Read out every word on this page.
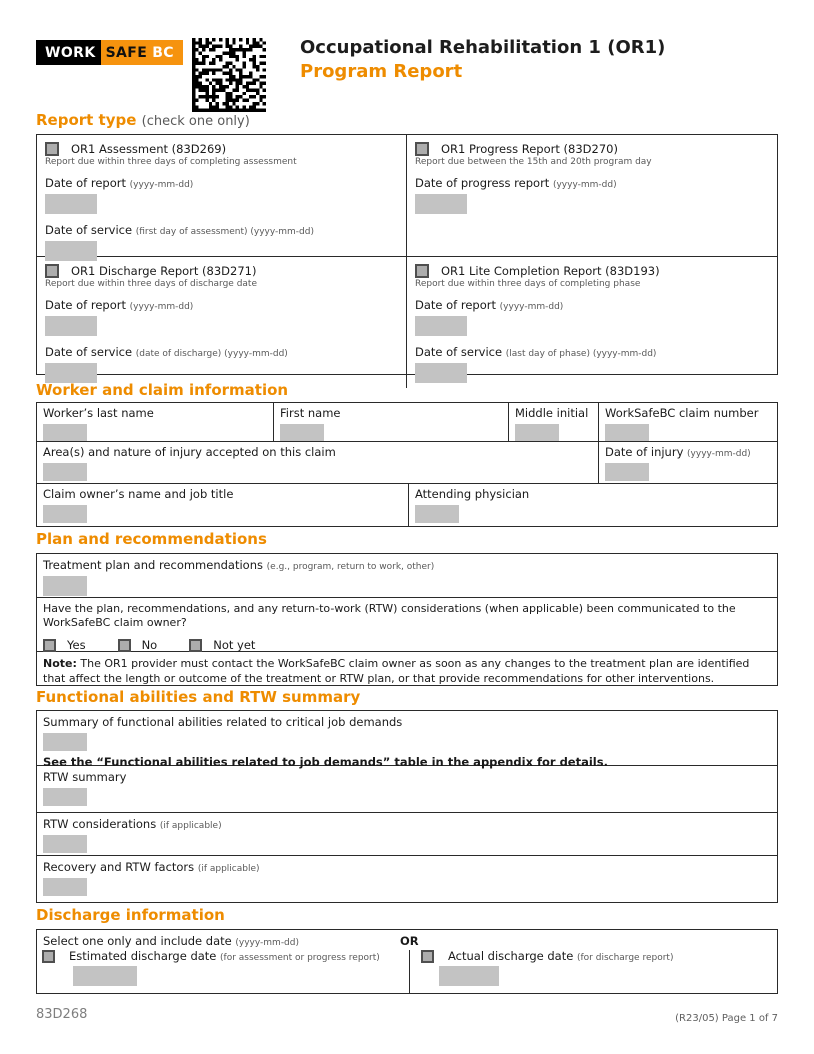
WORK SAFE BC	Occupational Rehabilitation 1 (OR1)
Program Report
Report type (check one only)
OR1 Assessment (83D269)
Report due within three days of completing assessment
Date of report (yyyy-mm-dd)
Date of service (first day of assessment) (yyyy-mm-dd)
OR1 Progress Report (83D270)
Report due between the 15th and 20th program day
Date of progress report (yyyy-mm-dd)
OR1 Discharge Report (83D271)
Report due within three days of discharge date
Date of report (yyyy-mm-dd)
Date of service (date of discharge) (yyyy-mm-dd)
OR1 Lite Completion Report (83D193)
Report due within three days of completing phase
Date of report (yyyy-mm-dd)
Date of service (last day of phase) (yyyy-mm-dd)
Worker and claim information
Worker’s last name	First name	Middle initial	WorkSafeBC claim number
Area(s) and nature of injury accepted on this claim	Date of injury (yyyy-mm-dd)
Claim owner’s name and job title	Attending physician
Plan and recommendations
Treatment plan and recommendations (e.g., program, return to work, other)
Have the plan, recommendations, and any return-to-work (RTW) considerations (when applicable) been communicated to the WorkSafeBC claim owner?
Yes	No	Not yet
Note: The OR1 provider must contact the WorkSafeBC claim owner as soon as any changes to the treatment plan are identified that affect the length or outcome of the treatment or RTW plan, or that provide recommendations for other interventions.
Functional abilities and RTW summary
Summary of functional abilities related to critical job demands
See the “Functional abilities related to job demands” table in the appendix for details.
RTW summary
RTW considerations (if applicable)
Recovery and RTW factors (if applicable)
Discharge information
Select one only and include date (yyyy-mm-dd)	OR
Estimated discharge date (for assessment or progress report)	Actual discharge date (for discharge report)
83D268	(R23/05) Page 1 of 7
